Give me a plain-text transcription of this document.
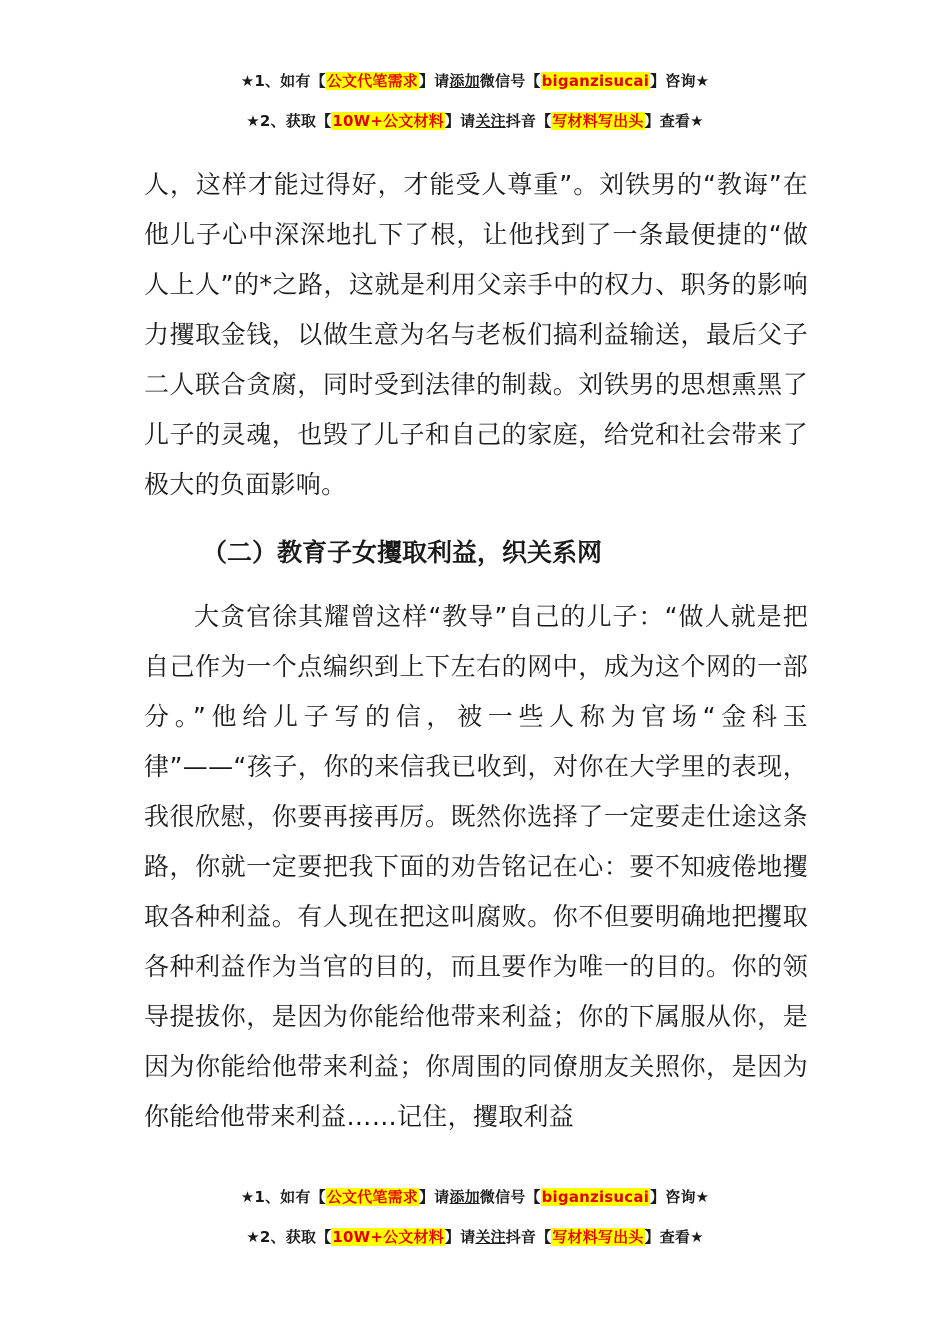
★1、如有【公文代笔需求】请添加微信号【biganzisucai】咨询★
★2、获取【10W+公文材料】请关注抖音【写材料写出头】查看★

人，这样才能过得好，才能受人尊重”。刘铁男的“教诲”在他儿子心中深深地扎下了根，让他找到了一条最便捷的“做人上人”的*之路，这就是利用父亲手中的权力、职务的影响力攫取金钱，以做生意为名与老板们搞利益输送，最后父子二人联合贪腐，同时受到法律的制裁。刘铁男的思想熏黑了儿子的灵魂，也毁了儿子和自己的家庭，给党和社会带来了极大的负面影响。

（二）教育子女攫取利益，织关系网

大贪官徐其耀曾这样“教导”自己的儿子：“做人就是把自己作为一个点编织到上下左右的网中，成为这个网的一部分。”他给儿子写的信，被一些人称为官场“金科玉律”——“孩子，你的来信我已收到，对你在大学里的表现，我很欣慰，你要再接再厉。既然你选择了一定要走仕途这条路，你就一定要把我下面的劝告铭记在心：要不知疲倦地攫取各种利益。有人现在把这叫腐败。你不但要明确地把攫取各种利益作为当官的目的，而且要作为唯一的目的。你的领导提拔你，是因为你能给他带来利益；你的下属服从你，是因为你能给他带来利益；你周围的同僚朋友关照你，是因为你能给他带来利益……记住，攫取利益

★1、如有【公文代笔需求】请添加微信号【biganzisucai】咨询★
★2、获取【10W+公文材料】请关注抖音【写材料写出头】查看★
